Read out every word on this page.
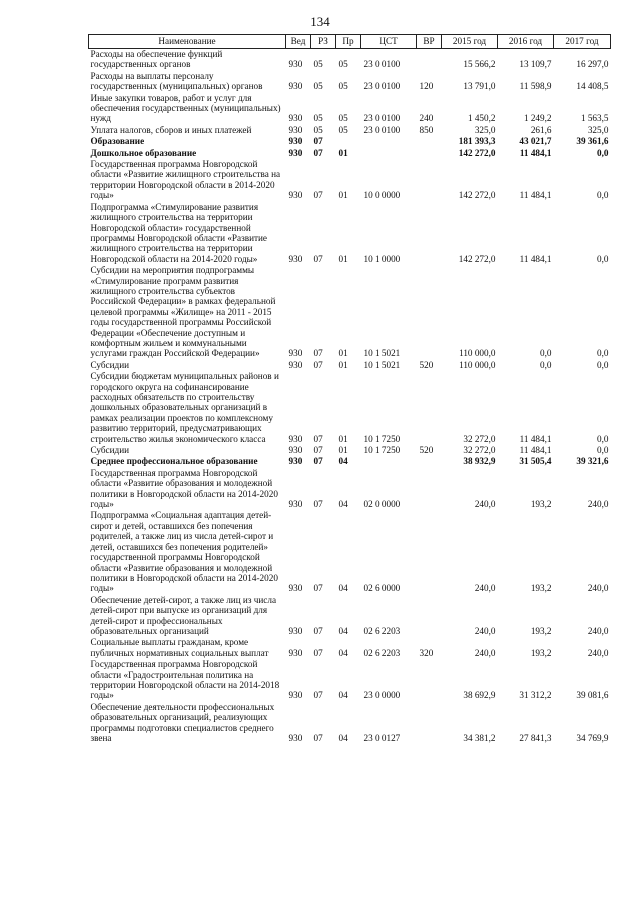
134
Наименование	Вед	РЗ	Пр	ЦСТ	ВР	2015 год	2016 год	2017 год
Расходы на обеспечение функций государственных органов	930	05	05	23 0 0100		15 566,2	13 109,7	16 297,0
Расходы на выплаты персоналу государственных (муниципальных) органов	930	05	05	23 0 0100	120	13 791,0	11 598,9	14 408,5
Иные закупки товаров, работ и услуг для обеспечения государственных (муниципальных) нужд	930	05	05	23 0 0100	240	1 450,2	1 249,2	1 563,5
Уплата налогов, сборов и иных платежей	930	05	05	23 0 0100	850	325,0	261,6	325,0
Образование	930	07				181 393,3	43 021,7	39 361,6
Дошкольное образование	930	07	01			142 272,0	11 484,1	0,0
Государственная программа Новгородской области «Развитие жилищного строительства на территории Новгородской области в 2014-2020 годы»	930	07	01	10 0 0000		142 272,0	11 484,1	0,0
Подпрограмма «Стимулирование развития жилищного строительства на территории Новгородской области» государственной программы Новгородской области «Развитие жилищного строительства на территории Новгородской области на 2014-2020 годы»	930	07	01	10 1 0000		142 272,0	11 484,1	0,0
Субсидии на мероприятия подпрограммы «Стимулирование программ развития жилищного строительства субъектов Российской Федерации» в рамках федеральной целевой программы «Жилище» на 2011 - 2015 годы государственной программы Российской Федерации «Обеспечение доступным и комфортным жильем и коммунальными услугами граждан Российской Федерации»	930	07	01	10 1 5021		110 000,0	0,0	0,0
Субсидии	930	07	01	10 1 5021	520	110 000,0	0,0	0,0
Субсидии бюджетам муниципальных районов и городского округа на софинансирование расходных обязательств по строительству дошкольных образовательных организаций в рамках реализации проектов по комплексному развитию территорий, предусматривающих строительство жилья экономического класса	930	07	01	10 1 7250		32 272,0	11 484,1	0,0
Субсидии	930	07	01	10 1 7250	520	32 272,0	11 484,1	0,0
Среднее профессиональное образование	930	07	04			38 932,9	31 505,4	39 321,6
Государственная программа Новгородской области «Развитие образования и молодежной политики в Новгородской области на 2014-2020 годы»	930	07	04	02 0 0000		240,0	193,2	240,0
Подпрограмма «Социальная адаптация детей-сирот и детей, оставшихся без попечения родителей, а также лиц из числа детей-сирот и детей, оставшихся без попечения родителей» государственной программы Новгородской области «Развитие образования и молодежной политики в Новгородской области на 2014-2020 годы»	930	07	04	02 6 0000		240,0	193,2	240,0
Обеспечение детей-сирот, а также лиц из числа детей-сирот при выпуске из организаций для детей-сирот и профессиональных образовательных организаций	930	07	04	02 6 2203		240,0	193,2	240,0
Социальные выплаты гражданам, кроме публичных нормативных социальных выплат	930	07	04	02 6 2203	320	240,0	193,2	240,0
Государственная программа Новгородской области «Градостроительная политика на территории Новгородской области на 2014-2018 годы»	930	07	04	23 0 0000		38 692,9	31 312,2	39 081,6
Обеспечение деятельности профессиональных образовательных организаций, реализующих программы подготовки специалистов среднего звена	930	07	04	23 0 0127		34 381,2	27 841,3	34 769,9
